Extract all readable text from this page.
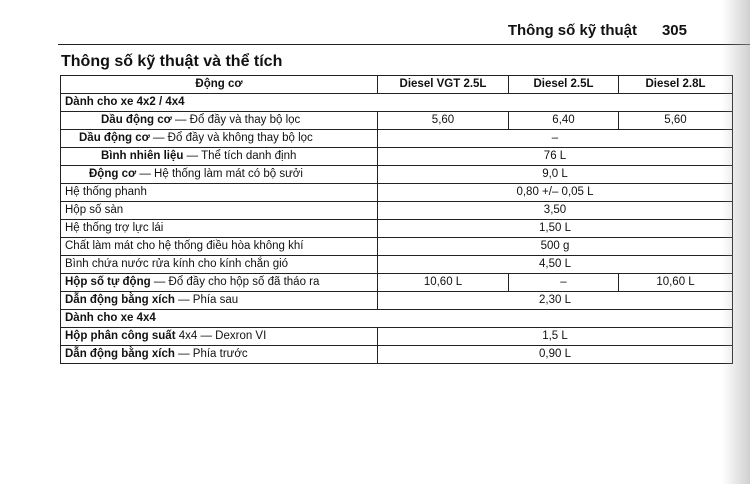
Thông số kỹ thuật 305
Thông số kỹ thuật và thể tích
Động cơ	Diesel VGT 2.5L	Diesel 2.5L	Diesel 2.8L
Dành cho xe 4x2 / 4x4			
Dầu động cơ — Đổ đầy và thay bộ lọc	5,60	6,40	5,60
Dầu động cơ — Đổ đầy và không thay bộ lọc	–		
Bình nhiên liệu — Thể tích danh định	76 L		
Động cơ — Hệ thống làm mát có bộ sưởi	9,0 L		
Hệ thống phanh	0,80 +/– 0,05 L		
Hộp số sàn	3,50		
Hệ thống trợ lực lái	1,50 L		
Chất làm mát cho hệ thống điều hòa không khí	500 g		
Bình chứa nước rửa kính cho kính chắn gió	4,50 L		
Hộp số tự động — Đổ đầy cho hộp số đã tháo ra	10,60 L	–	10,60 L
Dẫn động bằng xích — Phía sau	2,30 L		
Dành cho xe 4x4			
Hộp phân công suất 4x4 — Dexron VI	1,5 L		
Dẫn động bằng xích — Phía trước	0,90 L		
